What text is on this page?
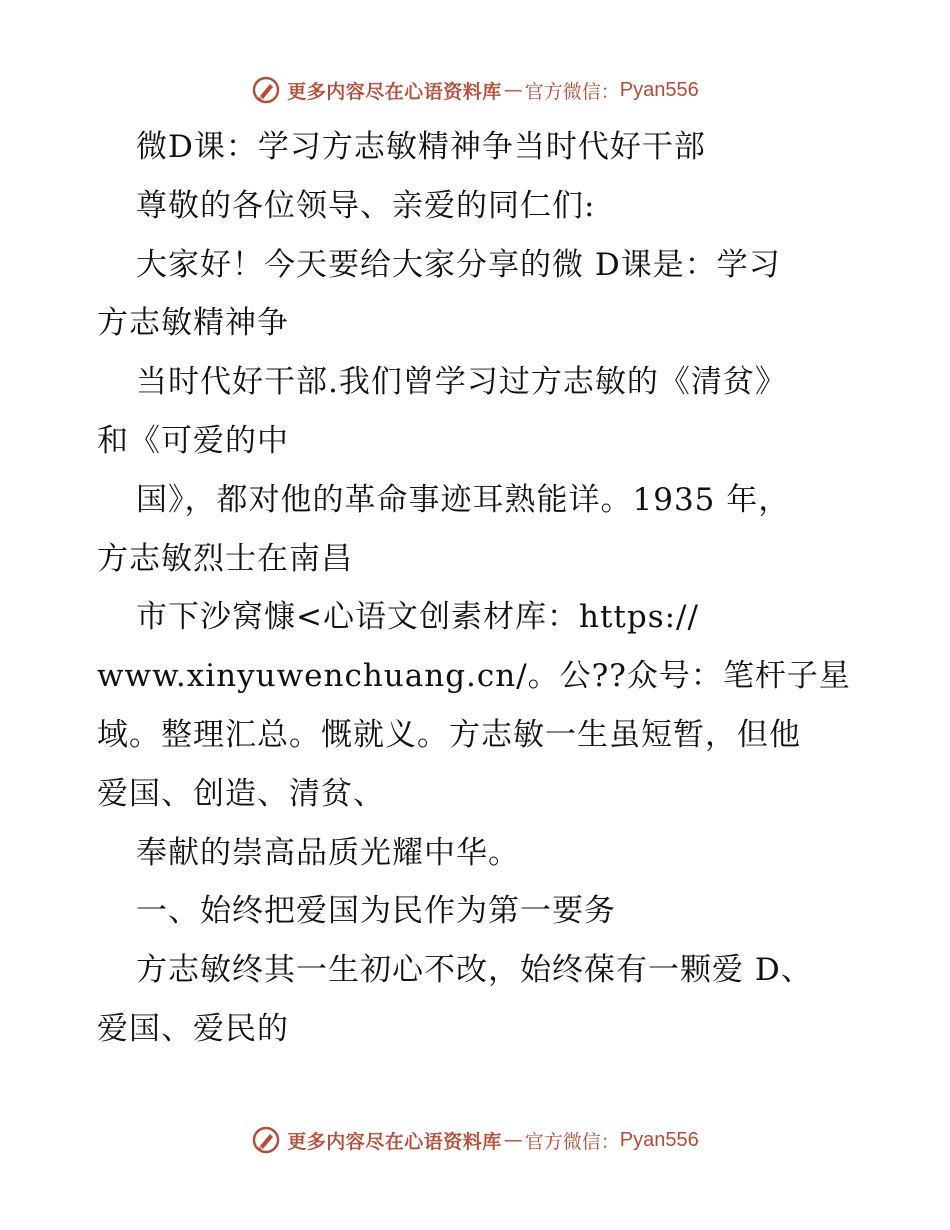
更多内容尽在心语资料库 — 官方微信： Pyan556
微D课：学习方志敏精神争当时代好干部
尊敬的各位领导、亲爱的同仁们:
大家好！今天要给大家分享的微 D课是：学习
方志敏精神争
当时代好干部.我们曾学习过方志敏的《清贫》
和《可爱的中
国》，都对他的革命事迹耳熟能详。1935 年，
方志敏烈士在南昌
市下沙窝慷<心语文创素材库：https://
www.xinyuwenchuang.cn/。公??众号：笔杆子星
域。整理汇总。慨就义。方志敏一生虽短暂，但他
爱国、创造、清贫、
奉献的崇高品质光耀中华。
一、始终把爱国为民作为第一要务
方志敏终其一生初心不改，始终葆有一颗爱 D、
爱国、爱民的
更多内容尽在心语资料库 — 官方微信： Pyan556
